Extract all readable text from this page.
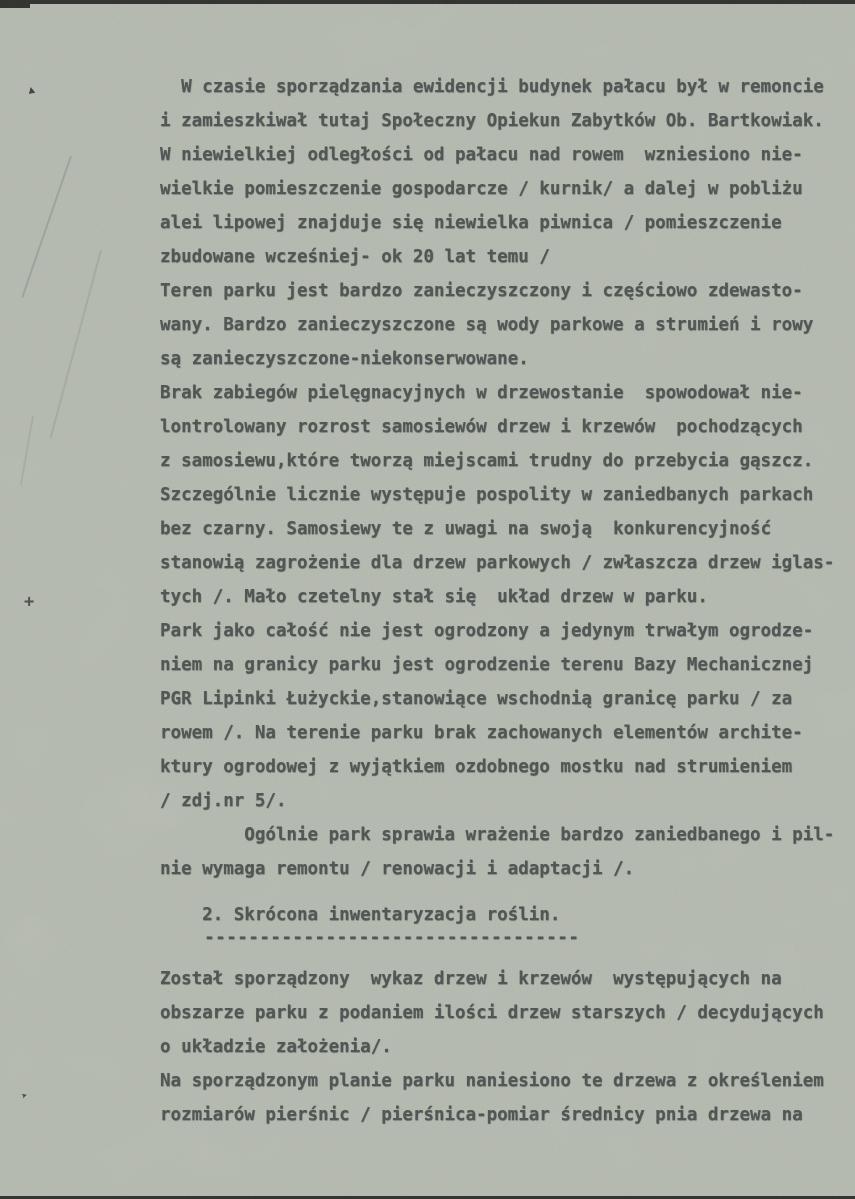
▲
+
➤
W czasie sporządzania ewidencji budynek pałacu był w remoncie
i zamieszkiwał tutaj Społeczny Opiekun Zabytków Ob. Bartkowiak.
W niewielkiej odległości od pałacu nad rowem  wzniesiono nie-
wielkie pomieszczenie gospodarcze / kurnik/ a dalej w pobliżu
alei lipowej znajduje się niewielka piwnica / pomieszczenie
zbudowane wcześniej- ok 20 lat temu /
Teren parku jest bardzo zanieczyszczony i częściowo zdewasto-
wany. Bardzo zanieczyszczone są wody parkowe a strumień i rowy
są zanieczyszczone-niekonserwowane.
Brak zabiegów pielęgnacyjnych w drzewostanie  spowodował nie-
lontrolowany rozrost samosiewów drzew i krzewów  pochodzących
z samosiewu,które tworzą miejscami trudny do przebycia gąszcz.
Szczególnie licznie występuje pospolity w zaniedbanych parkach
bez czarny. Samosiewy te z uwagi na swoją  konkurencyjność
stanowią zagrożenie dla drzew parkowych / zwłaszcza drzew iglas-
tych /. Mało czetelny stał się  układ drzew w parku.
Park jako całość nie jest ogrodzony a jedynym trwałym ogrodze-
niem na granicy parku jest ogrodzenie terenu Bazy Mechanicznej
PGR Lipinki Łużyckie,stanowiące wschodnią granicę parku / za
rowem /. Na terenie parku brak zachowanych elementów archite-
ktury ogrodowej z wyjątkiem ozdobnego mostku nad strumieniem
/ zdj.nr 5/.
Ogólnie park sprawia wrażenie bardzo zaniedbanego i pil-
nie wymaga remontu / renowacji i adaptacji /.
2. Skrócona inwentaryzacja roślin.
----------------------------------
Został sporządzony  wykaz drzew i krzewów  występujących na
obszarze parku z podaniem ilości drzew starszych / decydujących
o układzie założenia/.
Na sporządzonym planie parku naniesiono te drzewa z określeniem
rozmiarów pierśnic / pierśnica-pomiar średnicy pnia drzewa na
